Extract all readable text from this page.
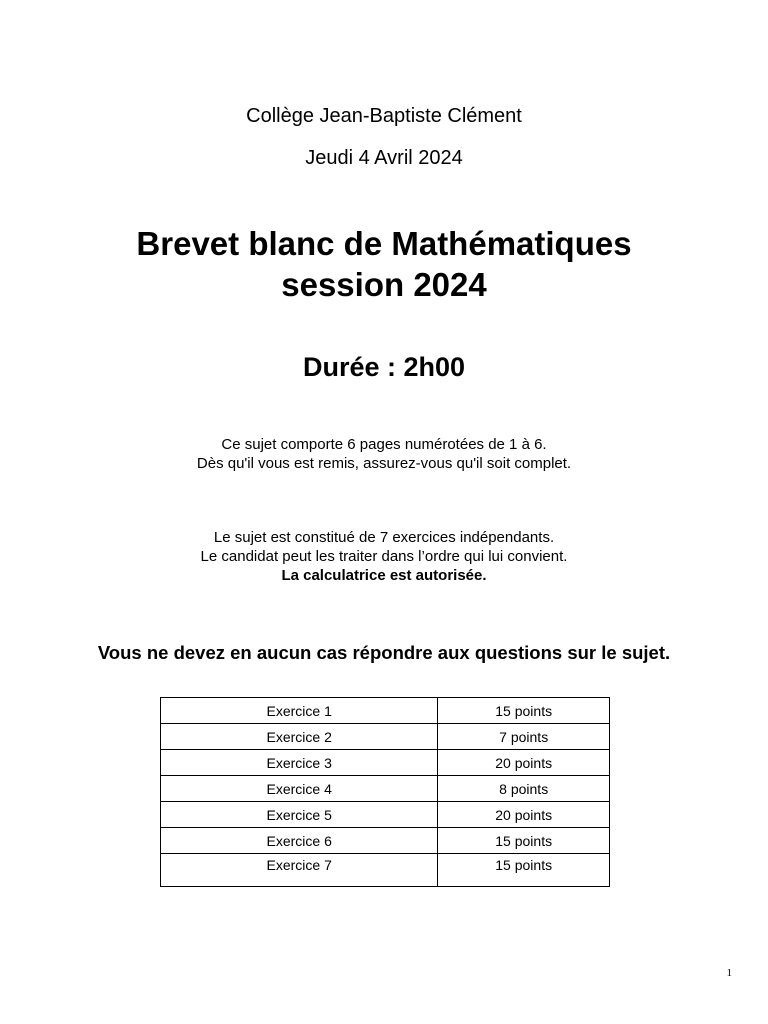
Collège Jean-Baptiste Clément
Jeudi 4 Avril 2024
Brevet blanc de Mathématiques
session 2024
Durée : 2h00
Ce sujet comporte 6 pages numérotées de 1 à 6.
Dès qu'il vous est remis, assurez-vous qu'il soit complet.
Le sujet est constitué de 7 exercices indépendants.
Le candidat peut les traiter dans l’ordre qui lui convient.
La calculatrice est autorisée.
Vous ne devez en aucun cas répondre aux questions sur le sujet.
Exercice 1	15 points
Exercice 2	7 points
Exercice 3	20 points
Exercice 4	8 points
Exercice 5	20 points
Exercice 6	15 points
Exercice 7	15 points
1
